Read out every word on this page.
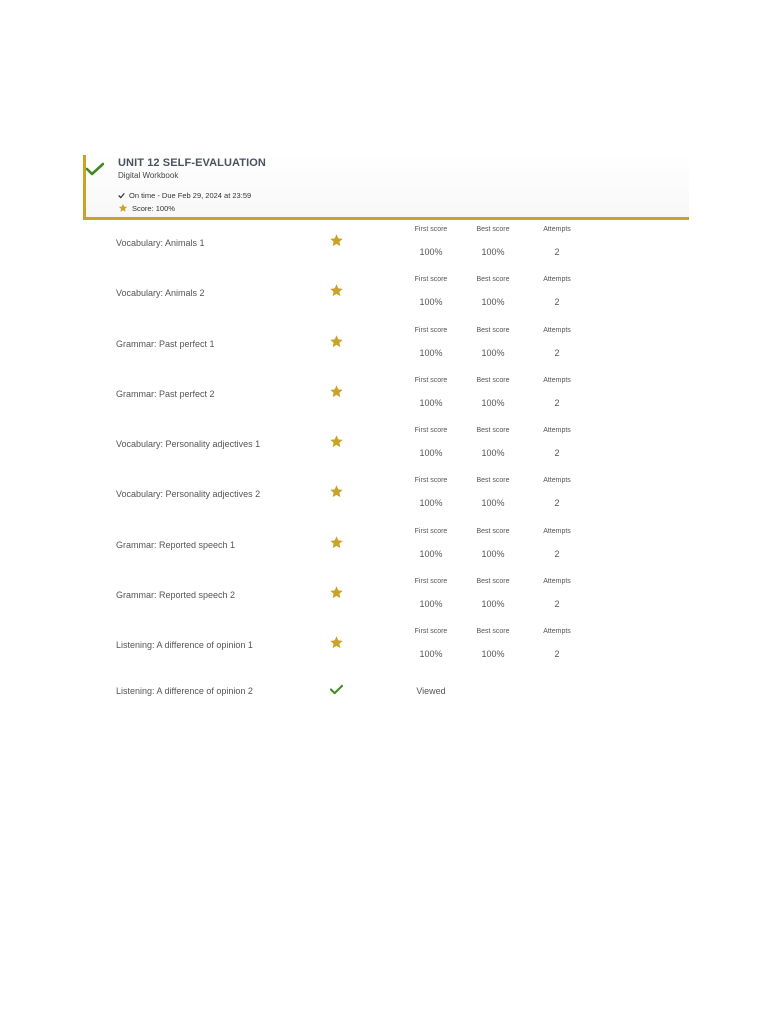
UNIT 12 SELF-EVALUATION
Digital Workbook
On time - Due Feb 29, 2024 at 23:59
Score: 100%
Vocabulary: Animals 1
First score	Best score	Attempts
100%	100%	2
Vocabulary: Animals 2
First score	Best score	Attempts
100%	100%	2
Grammar: Past perfect 1
First score	Best score	Attempts
100%	100%	2
Grammar: Past perfect 2
First score	Best score	Attempts
100%	100%	2
Vocabulary: Personality adjectives 1
First score	Best score	Attempts
100%	100%	2
Vocabulary: Personality adjectives 2
First score	Best score	Attempts
100%	100%	2
Grammar: Reported speech 1
First score	Best score	Attempts
100%	100%	2
Grammar: Reported speech 2
First score	Best score	Attempts
100%	100%	2
Listening: A difference of opinion 1
First score	Best score	Attempts
100%	100%	2
Listening: A difference of opinion 2	Viewed
